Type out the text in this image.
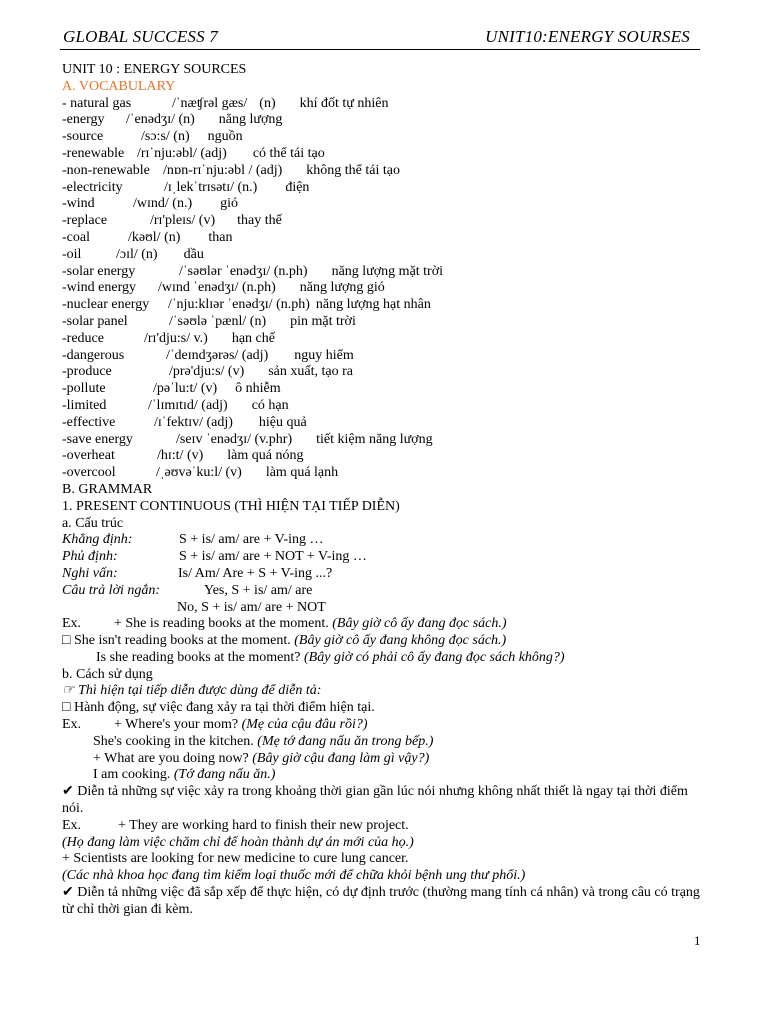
GLOBAL SUCCESS 7	UNIT10:ENERGY SOURSES
UNIT 10 : ENERGY SOURCES
A. VOCABULARY
- natural gas	/ˈnæʧrəl gæs/ (n) khí đốt tự nhiên
-energy /ˈenədʒɪ/ (n) năng lượng
-source	/sɔ:s/ (n) nguồn
-renewable /rɪˈnju:əbl/ (adj) có thể tái tạo
-non-renewable /nɒn-rɪˈnju:əbl / (adj) không thể tái tạo
-electricity	/ɪˌlekˈtrɪsətɪ/ (n.) điện
-wind	/wɪnd/ (n.) gió
-replace	/rɪ'pleɪs/ (v) thay thế
-coal	/kəʊl/ (n) than
-oil /ɔɪl/ (n) dầu
-solar energy	/ˈsəʊlər ˈenədʒɪ/ (n.ph) năng lượng mặt trời
-wind energy /wɪnd ˈenədʒɪ/ (n.ph) năng lượng gió
-nuclear energy /ˈnju:klɪər ˈenədʒɪ/ (n.ph) năng lượng hạt nhân
-solar panel	/ˈsəʊlə ˈpænl/ (n) pin mặt trời
-reduce	/rɪ'dju:s/ v.) hạn chế
-dangerous	/ˈdeɪndʒərəs/ (adj) nguy hiểm
-produce	/prə'dju:s/ (v) sản xuất, tạo ra
-pollute	/pəˈlu:t/ (v) ô nhiễm
-limited	/ˈlɪmɪtɪd/ (adj) có hạn
-effective	/ɪˈfektɪv/ (adj) hiệu quả
-save energy	/seɪv ˈenədʒɪ/ (v.phr) tiết kiệm năng lượng
-overheat	/hɪ:t/ (v) làm quá nóng
-overcool	/ˌəʊvəˈku:l/ (v) làm quá lạnh
B. GRAMMAR
1. PRESENT CONTINUOUS (THÌ HIỆN TẠI TIẾP DIỄN)
a. Cấu trúc
Khẳng định:	S + is/ am/ are + V-ing …
Phủ định:	S + is/ am/ are + NOT + V-ing …
Nghi vấn:	Is/ Am/ Are + S + V-ing ...?
Câu trả lời ngắn:	Yes, S + is/ am/ are
No, S + is/ am/ are + NOT
Ex. + She is reading books at the moment. (Bây giờ cô ấy đang đọc sách.)
□ She isn't reading books at the moment. (Bây giờ cô ấy đang không đọc sách.)
Is she reading books at the moment? (Bây giờ có phải cô ấy đang đọc sách không?)
b. Cách sử dụng
☞ Thì hiện tại tiếp diễn được dùng để diễn tả:
□ Hành động, sự việc đang xảy ra tại thời điểm hiện tại.
Ex. + Where's your mom? (Mẹ của cậu đâu rồi?)
She's cooking in the kitchen. (Mẹ tớ đang nấu ăn trong bếp.)
+ What are you doing now? (Bây giờ cậu đang làm gì vậy?)
I am cooking. (Tớ đang nấu ăn.)
✔ Diễn tả những sự việc xảy ra trong khoảng thời gian gần lúc nói nhưng không nhất thiết là ngay tại thời điểm nói.
Ex.	+ They are working hard to finish their new project.
(Họ đang làm việc chăm chỉ để hoàn thành dự án mới của họ.)
+ Scientists are looking for new medicine to cure lung cancer.
(Các nhà khoa học đang tìm kiếm loại thuốc mới để chữa khỏi bệnh ung thư phổi.)
✔ Diễn tả những việc đã sắp xếp để thực hiện, có dự định trước (thường mang tính cá nhân) và trong câu có trạng từ chỉ thời gian đi kèm.
1
